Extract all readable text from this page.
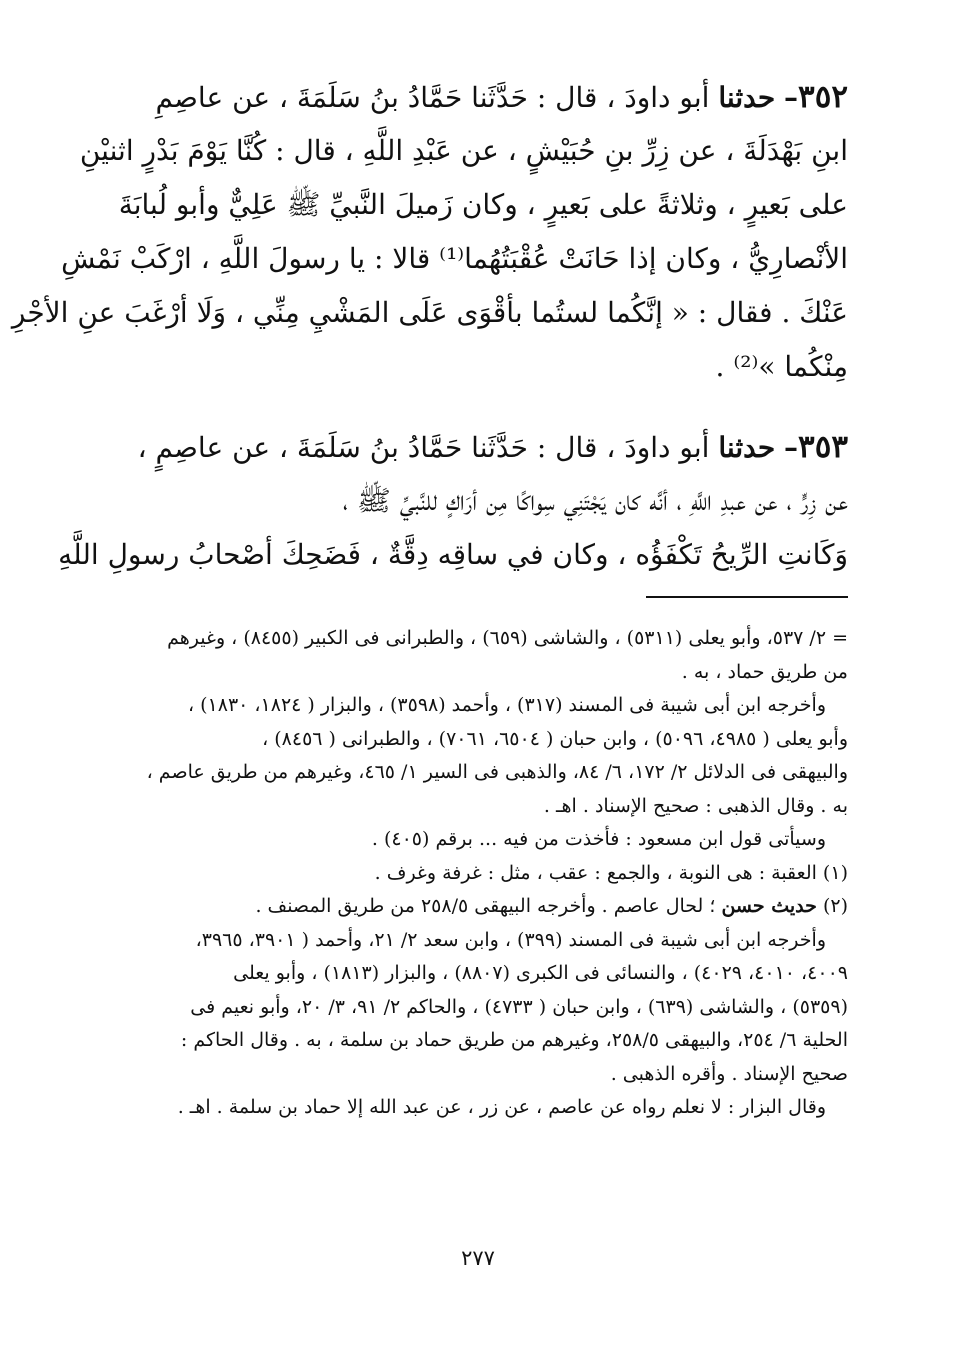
٣٥٢– حدثنا أبو داودَ ، قال : حَدَّثَنا حَمَّادُ بنُ سَلَمَةَ ، عن عاصِمِ
ابنِ بَهْدَلَةَ ، عن زِرِّ بنِ حُبَيْشٍ ، عن عَبْدِ اللَّهِ ، قال : كُنَّا يَوْمَ بَدْرٍ اثنيْنِ
على بَعيرٍ ، وثلاثةً على بَعيرٍ ، وكان زَميلَ النَّبيِّ ﷺ عَلِيٌّ وأبو لُبابَةَ
الأنْصارِيُّ ، وكان إذا حَانَتْ عُقْبَتُهُما⁽¹⁾ قالا : يا رسولَ اللَّهِ ، ارْكَبْ نَمْشِ
عَنْكَ . فقال : « إنَّكُما لستُما بأقْوَى عَلَى المَشْيِ مِنِّي ، وَلَا أرْغَبَ عنِ الأجْرِ
مِنْكُما »⁽²⁾ .
٣٥٣– حدثنا أبو داودَ ، قال : حَدَّثَنا حَمَّادُ بنُ سَلَمَةَ ، عن عاصِمٍ ،
عن زِرٍّ ، عن عبدِ اللَّهِ ، أنَّه كان يَجْتَنِي سِواكًا مِن أرَاكٍ للنَّبيِّ ﷺ ،
وَكَانتِ الرِّيحُ تَكْفَؤُه ، وكان في ساقِه دِقَّةٌ ، فَضَحِكَ أصْحابُ رسولِ اللَّهِ
= ٢/ ٥٣٧، وأبو يعلى (٥٣١١) ، والشاشى (٦٥٩) ، والطبرانى فى الكبير (٨٤٥٥) ، وغيرهم
من طريق حماد ، به .
وأخرجه ابن أبى شيبة فى المسند (٣١٧) ، وأحمد (٣٥٩٨) ، والبزار ( ١٨٢٤، ١٨٣٠) ،
وأبو يعلى ( ٤٩٨٥، ٥٠٩٦) ، وابن حبان ( ٦٥٠٤، ٧٠٦١) ، والطبرانى ( ٨٤٥٦) ،
والبيهقى فى الدلائل ٢/ ١٧٢، ٦/ ٨٤، والذهبى فى السير ١/ ٤٦٥، وغيرهم من طريق عاصم ،
به . وقال الذهبى : صحيح الإسناد . اهـ .
وسيأتى قول ابن مسعود : فأخذت من فيه ... برقم (٤٠٥) .
(١) العقبة : هى النوبة ، والجمع : عقب ، مثل : غرفة وغرف .
(٢) حديث حسن ؛ لحال عاصم . وأخرجه البيهقى ٢٥٨/٥ من طريق المصنف .
وأخرجه ابن أبى شيبة فى المسند (٣٩٩) ، وابن سعد ٢/ ٢١، وأحمد ( ٣٩٠١، ٣٩٦٥،
٤٠٠٩، ٤٠١٠، ٤٠٢٩) ، والنسائى فى الكبرى (٨٨٠٧) ، والبزار (١٨١٣) ، وأبو يعلى
(٥٣٥٩) ، والشاشى (٦٣٩) ، وابن حبان ( ٤٧٣٣) ، والحاكم ٢/ ٩١، ٣/ ٢٠، وأبو نعيم فى
الحلية ٦/ ٢٥٤، والبيهقى ٢٥٨/٥، وغيرهم من طريق حماد بن سلمة ، به . وقال الحاكم :
صحيح الإسناد . وأقره الذهبى .
وقال البزار : لا نعلم رواه عن عاصم ، عن زر ، عن عبد الله إلا حماد بن سلمة . اهـ .
٢٧٧
